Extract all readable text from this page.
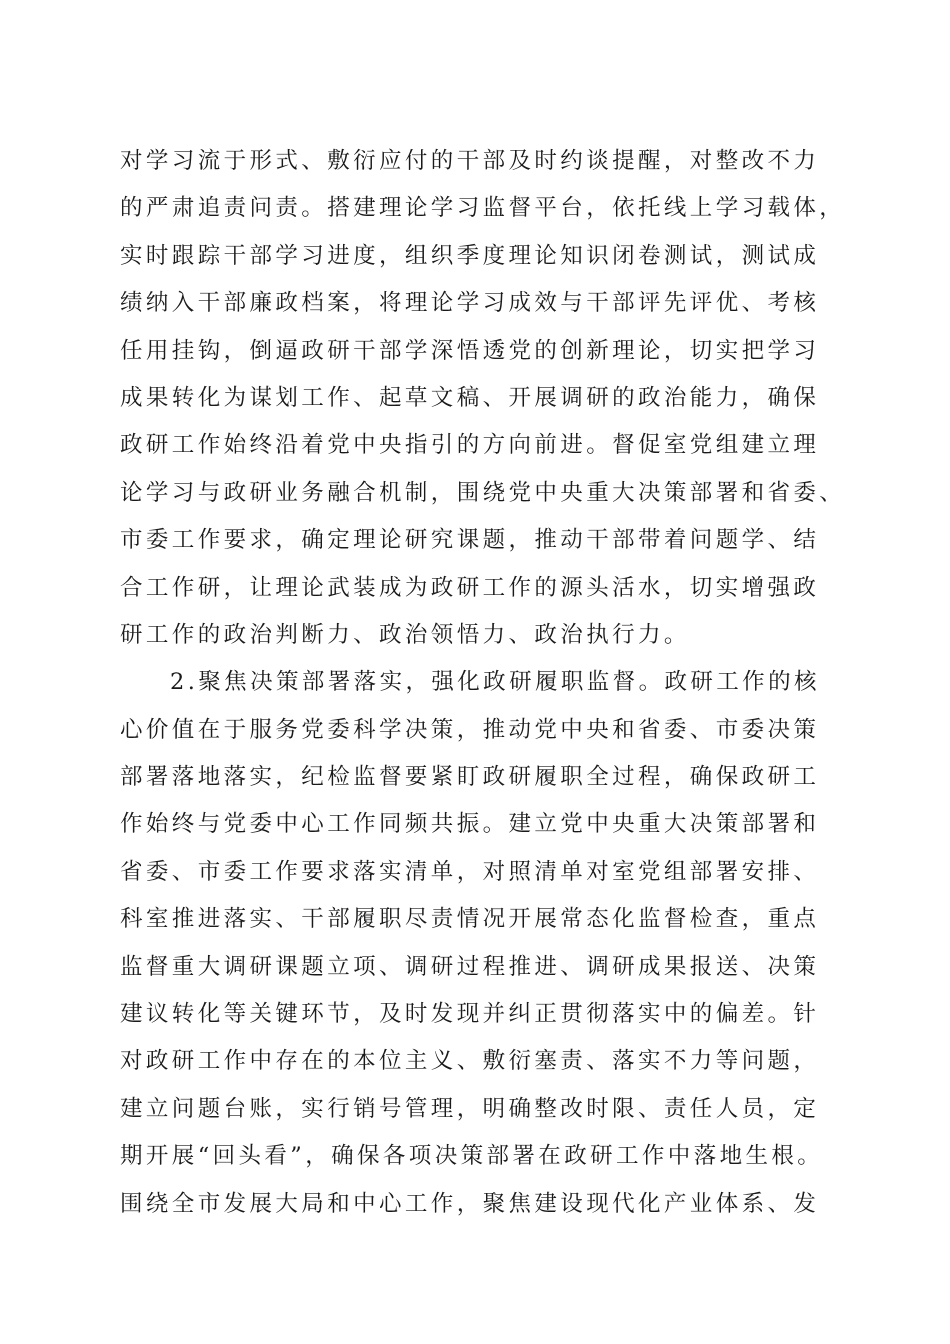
对学习流于形式、敷衍应付的干部及时约谈提醒，对整改不力
的严肃追责问责。搭建理论学习监督平台，依托线上学习载体，
实时跟踪干部学习进度，组织季度理论知识闭卷测试，测试成
绩纳入干部廉政档案，将理论学习成效与干部评先评优、考核
任用挂钩，倒逼政研干部学深悟透党的创新理论，切实把学习
成果转化为谋划工作、起草文稿、开展调研的政治能力，确保
政研工作始终沿着党中央指引的方向前进。督促室党组建立理
论学习与政研业务融合机制，围绕党中央重大决策部署和省委、
市委工作要求，确定理论研究课题，推动干部带着问题学、结
合工作研，让理论武装成为政研工作的源头活水，切实增强政
研工作的政治判断力、政治领悟力、政治执行力。
2.聚焦决策部署落实，强化政研履职监督。政研工作的核
心价值在于服务党委科学决策，推动党中央和省委、市委决策
部署落地落实，纪检监督要紧盯政研履职全过程，确保政研工
作始终与党委中心工作同频共振。建立党中央重大决策部署和
省委、市委工作要求落实清单，对照清单对室党组部署安排、
科室推进落实、干部履职尽责情况开展常态化监督检查，重点
监督重大调研课题立项、调研过程推进、调研成果报送、决策
建议转化等关键环节，及时发现并纠正贯彻落实中的偏差。针
对政研工作中存在的本位主义、敷衍塞责、落实不力等问题，
建立问题台账，实行销号管理，明确整改时限、责任人员，定
期开展“回头看”，确保各项决策部署在政研工作中落地生根。
围绕全市发展大局和中心工作，聚焦建设现代化产业体系、发
